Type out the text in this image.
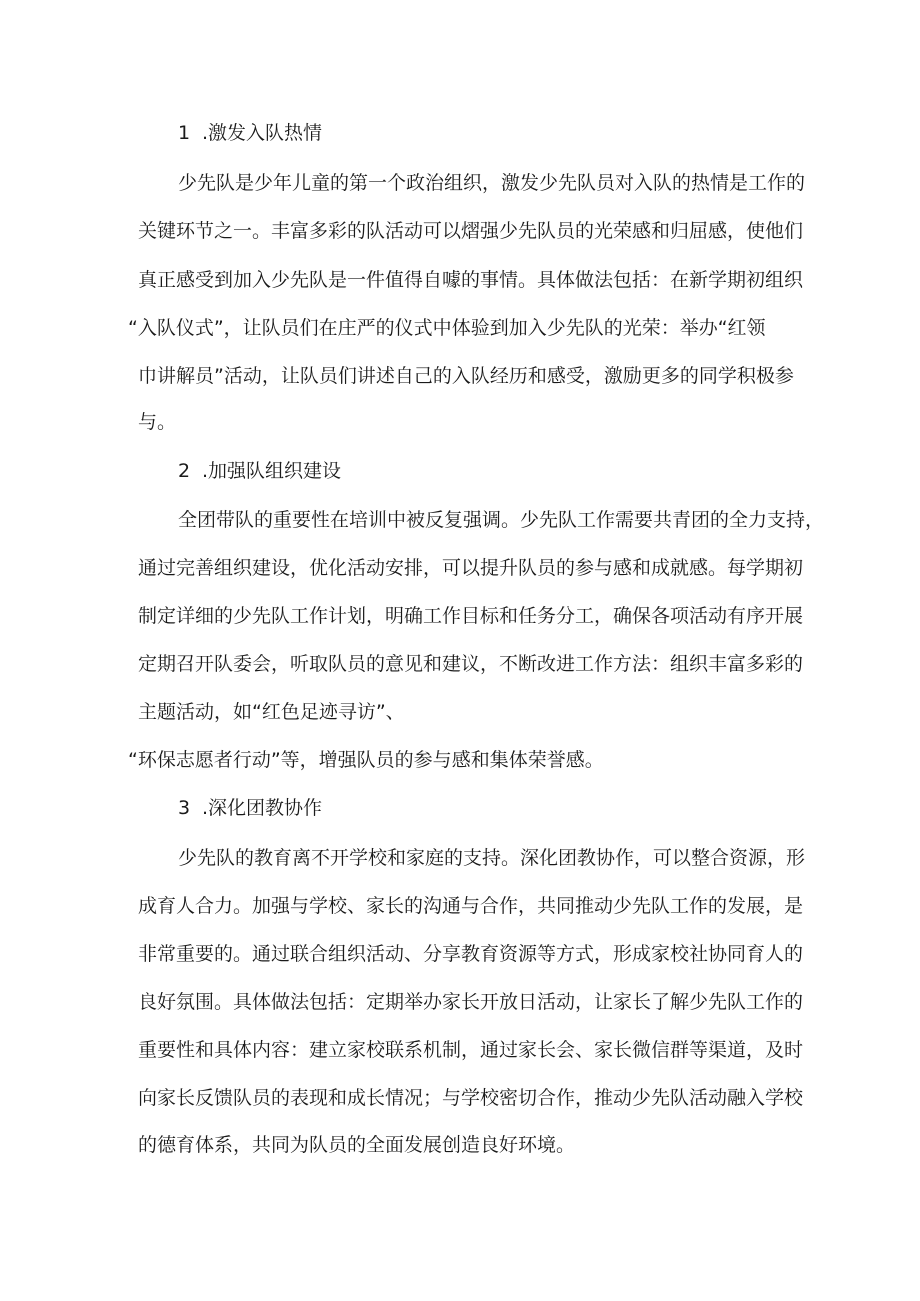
1 .激发入队热情
少先队是少年儿童的第一个政治组织，激发少先队员对入队的热情是工作的
关键环节之一。丰富多彩的队活动可以熠强少先队员的光荣感和归屈感，使他们
真正感受到加入少先队是一件值得自噱的事情。具体做法包括：在新学期初组织
“入队仪式”，让队员们在庄严的仪式中体验到加入少先队的光荣：举办“红领
巾讲解员”活动，让队员们讲述自己的入队经历和感受，激励更多的同学积极参
与。
2 .加强队组织建设
全团带队的重要性在培训中被反复强调。少先队工作需要共青团的全力支持，
通过完善组织建设，优化活动安排，可以提升队员的参与感和成就感。每学期初
制定详细的少先队工作计划，明确工作目标和任务分工，确保各项活动有序开展
定期召开队委会，听取队员的意见和建议，不断改进工作方法：组织丰富多彩的
主题活动，如“红色足迹寻访”、
“环保志愿者行动”等，增强队员的参与感和集体荣誉感。
3 .深化团教协作
少先队的教育离不开学校和家庭的支持。深化团教协作，可以整合资源，形
成育人合力。加强与学校、家长的沟通与合作，共同推动少先队工作的发展，是
非常重要的。通过联合组织活动、分享教育资源等方式，形成家校社协同育人的
良好氛围。具体做法包括：定期举办家长开放日活动，让家长了解少先队工作的
重要性和具体内容：建立家校联系机制，通过家长会、家长微信群等渠道，及时
向家长反馈队员的表现和成长情况；与学校密切合作，推动少先队活动融入学校
的德育体系，共同为队员的全面发展创造良好环境。
